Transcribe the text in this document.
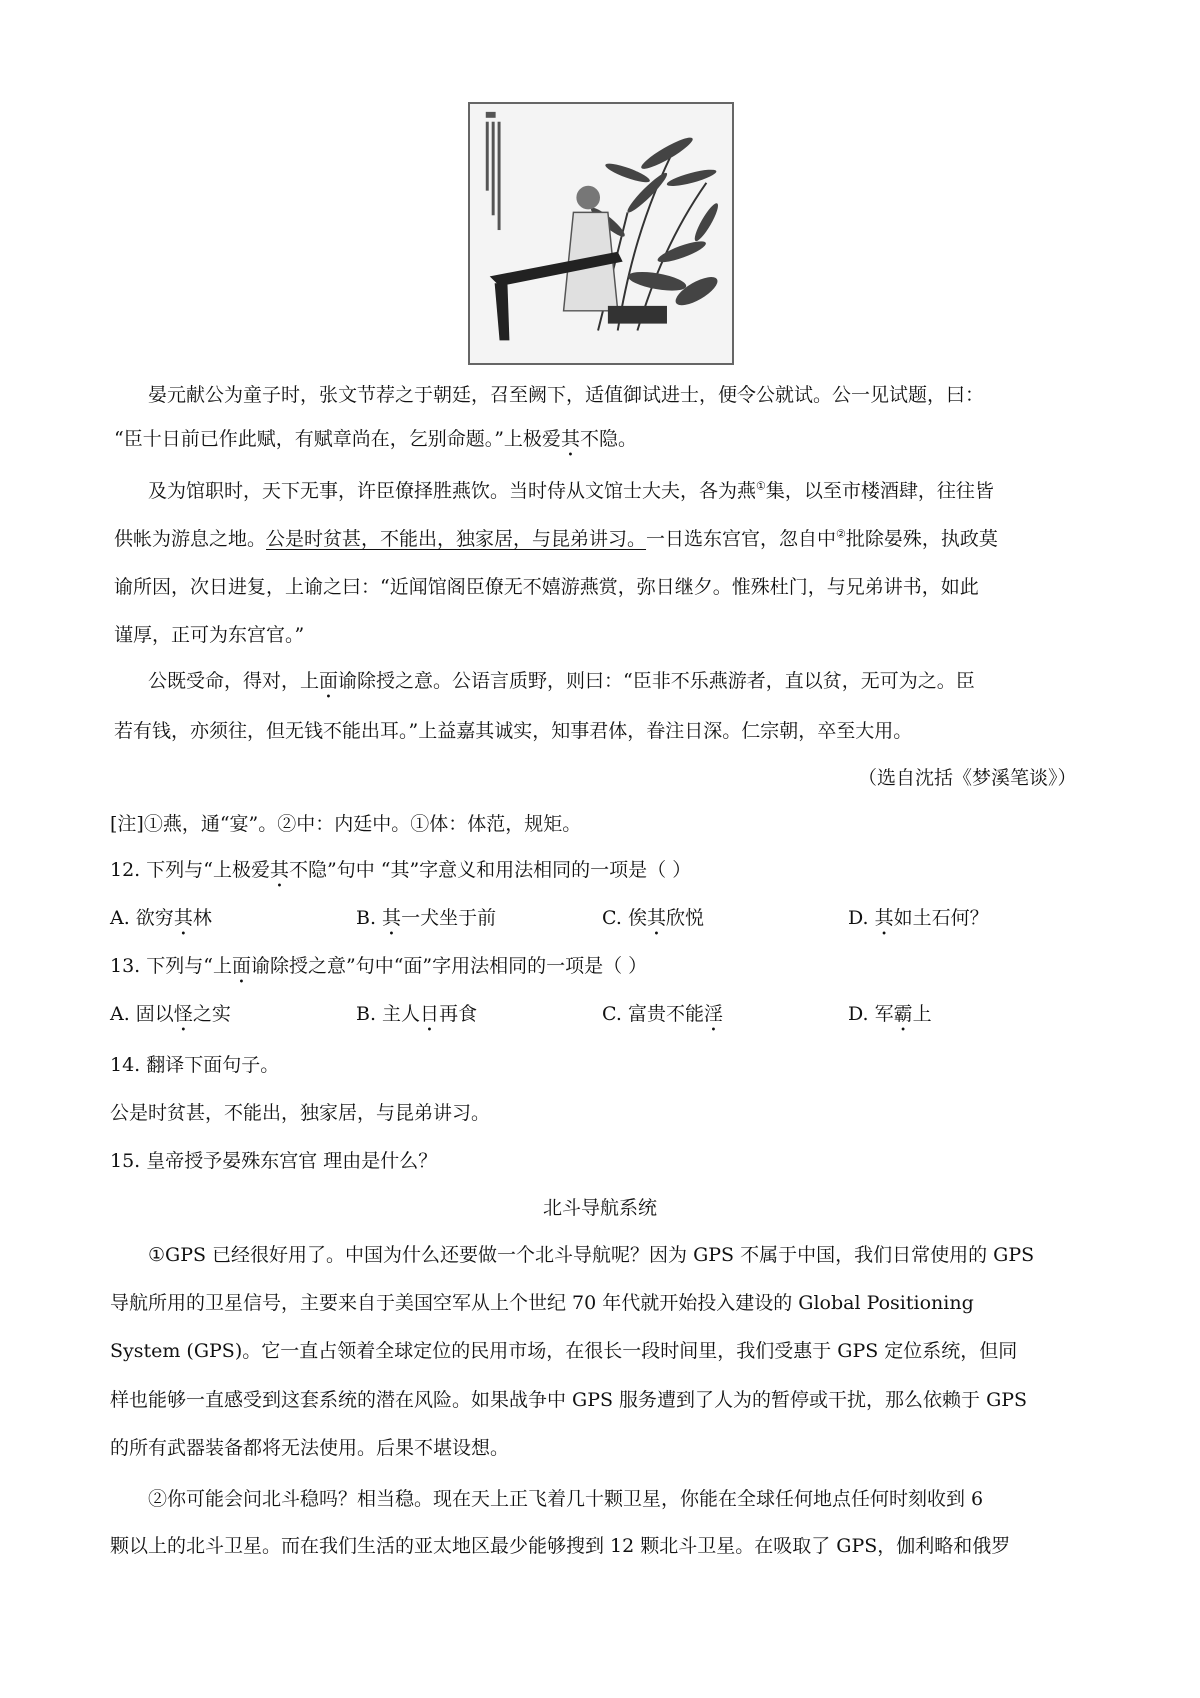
晏元献公为童子时，张文节荐之于朝廷，召至阙下，适值御试进士，便令公就试。公一见试题，曰：
“臣十日前已作此赋，有赋章尚在，乞别命题。”上极爱其不隐。
及为馆职时，天下无事，许臣僚择胜燕饮。当时侍从文馆士大夫，各为燕①集，以至市楼酒肆，往往皆
供帐为游息之地。公是时贫甚，不能出，独家居，与昆弟讲习。一日选东宫官，忽自中②批除晏殊，执政莫
谕所因，次日进复，上谕之曰：“近闻馆阁臣僚无不嬉游燕赏，弥日继夕。惟殊杜门，与兄弟讲书，如此
谨厚，正可为东宫官。”
公既受命，得对，上面谕除授之意。公语言质野，则曰：“臣非不乐燕游者，直以贫，无可为之。臣
若有钱，亦须往，但无钱不能出耳。”上益嘉其诚实，知事君体，眷注日深。仁宗朝，卒至大用。
（选自沈括《梦溪笔谈》）
[注]①燕，通“宴”。②中：内廷中。①体：体范，规矩。
12. 下列与“上极爱其不隐”句中 “其”字意义和用法相同的一项是（ ）
A. 欲穷其林	B. 其一犬坐于前	C. 俟其欣悦	D. 其如土石何？
13. 下列与“上面谕除授之意”句中“面”字用法相同的一项是（ ）
A. 固以怪之实	B. 主人日再食	C. 富贵不能淫	D. 军霸上
14. 翻译下面句子。
公是时贫甚，不能出，独家居，与昆弟讲习。
15. 皇帝授予晏殊东宫官 理由是什么？
北斗导航系统
①GPS 已经很好用了。中国为什么还要做一个北斗导航呢？因为 GPS 不属于中国，我们日常使用的 GPS
导航所用的卫星信号，主要来自于美国空军从上个世纪 70 年代就开始投入建设的 Global Positioning
System (GPS)。它一直占领着全球定位的民用市场，在很长一段时间里，我们受惠于 GPS 定位系统，但同
样也能够一直感受到这套系统的潜在风险。如果战争中 GPS 服务遭到了人为的暂停或干扰，那么依赖于 GPS
的所有武器装备都将无法使用。后果不堪设想。
②你可能会问北斗稳吗？相当稳。现在天上正飞着几十颗卫星，你能在全球任何地点任何时刻收到 6
颗以上的北斗卫星。而在我们生活的亚太地区最少能够搜到 12 颗北斗卫星。在吸取了 GPS，伽利略和俄罗
